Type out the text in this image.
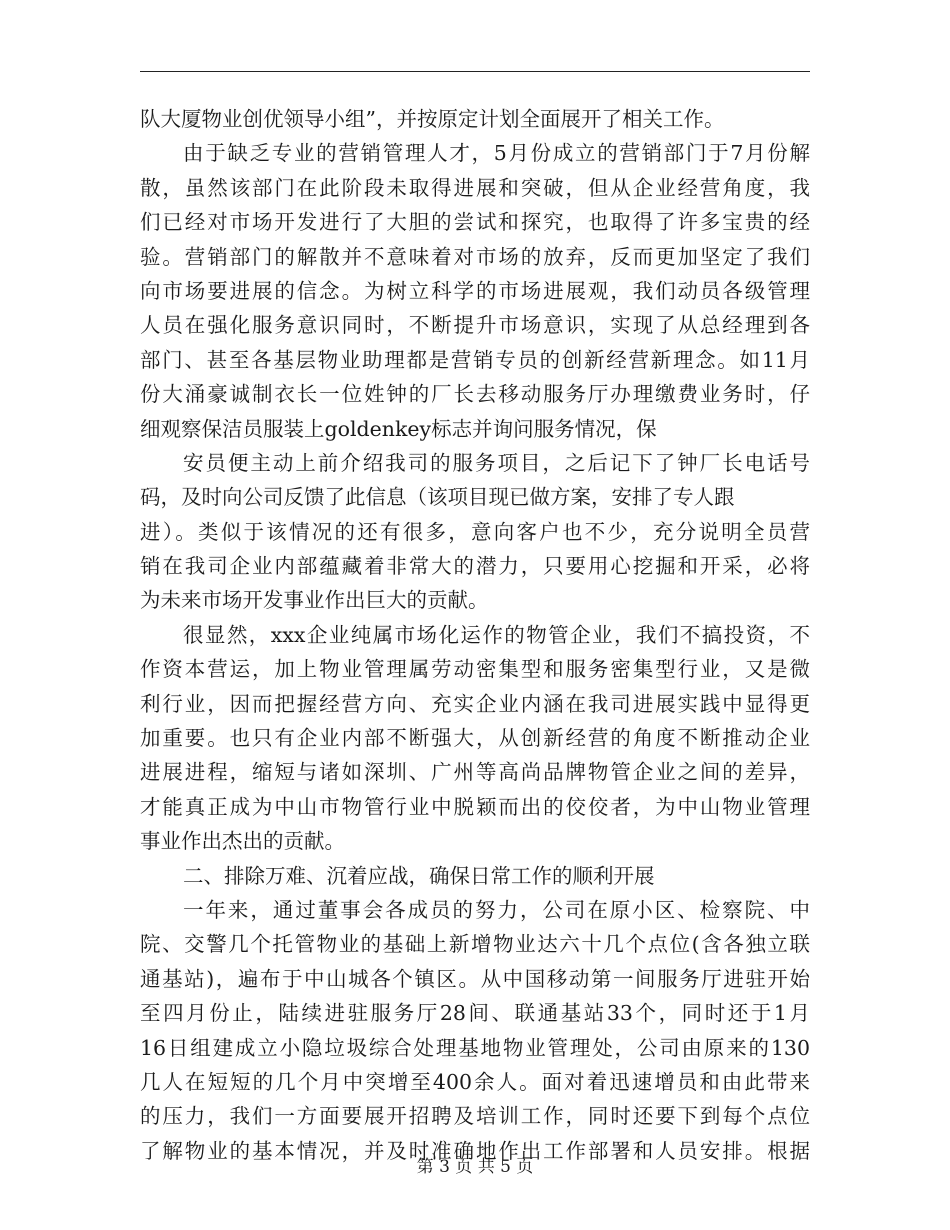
队大厦物业创优领导小组”，并按原定计划全面展开了相关工作。
由于缺乏专业的营销管理人才，5月份成立的营销部门于7月份解
散，虽然该部门在此阶段未取得进展和突破，但从企业经营角度，我
们已经对市场开发进行了大胆的尝试和探究，也取得了许多宝贵的经
验。营销部门的解散并不意味着对市场的放弃，反而更加坚定了我们
向市场要进展的信念。为树立科学的市场进展观，我们动员各级管理
人员在强化服务意识同时，不断提升市场意识，实现了从总经理到各
部门、甚至各基层物业助理都是营销专员的创新经营新理念。如11月
份大涌豪诚制衣长一位姓钟的厂长去移动服务厅办理缴费业务时，仔
细观察保洁员服装上goldenkey标志并询问服务情况，保
安员便主动上前介绍我司的服务项目，之后记下了钟厂长电话号
码，及时向公司反馈了此信息（该项目现已做方案，安排了专人跟
进）。类似于该情况的还有很多，意向客户也不少，充分说明全员营
销在我司企业内部蕴藏着非常大的潜力，只要用心挖掘和开采，必将
为未来市场开发事业作出巨大的贡献。
很显然，xxx企业纯属市场化运作的物管企业，我们不搞投资，不
作资本营运，加上物业管理属劳动密集型和服务密集型行业，又是微
利行业，因而把握经营方向、充实企业内涵在我司进展实践中显得更
加重要。也只有企业内部不断强大，从创新经营的角度不断推动企业
进展进程，缩短与诸如深圳、广州等高尚品牌物管企业之间的差异，
才能真正成为中山市物管行业中脱颖而出的佼佼者，为中山物业管理
事业作出杰出的贡献。
二、排除万难、沉着应战，确保日常工作的顺利开展
一年来，通过董事会各成员的努力，公司在原小区、检察院、中
院、交警几个托管物业的基础上新增物业达六十几个点位(含各独立联
通基站)，遍布于中山城各个镇区。从中国移动第一间服务厅进驻开始
至四月份止，陆续进驻服务厅28间、联通基站33个，同时还于1月
16日组建成立小隐垃圾综合处理基地物业管理处，公司由原来的130
几人在短短的几个月中突增至400余人。面对着迅速增员和由此带来
的压力，我们一方面要展开招聘及培训工作，同时还要下到每个点位
了解物业的基本情况，并及时准确地作出工作部署和人员安排。根据
第 3 页 共 5 页
